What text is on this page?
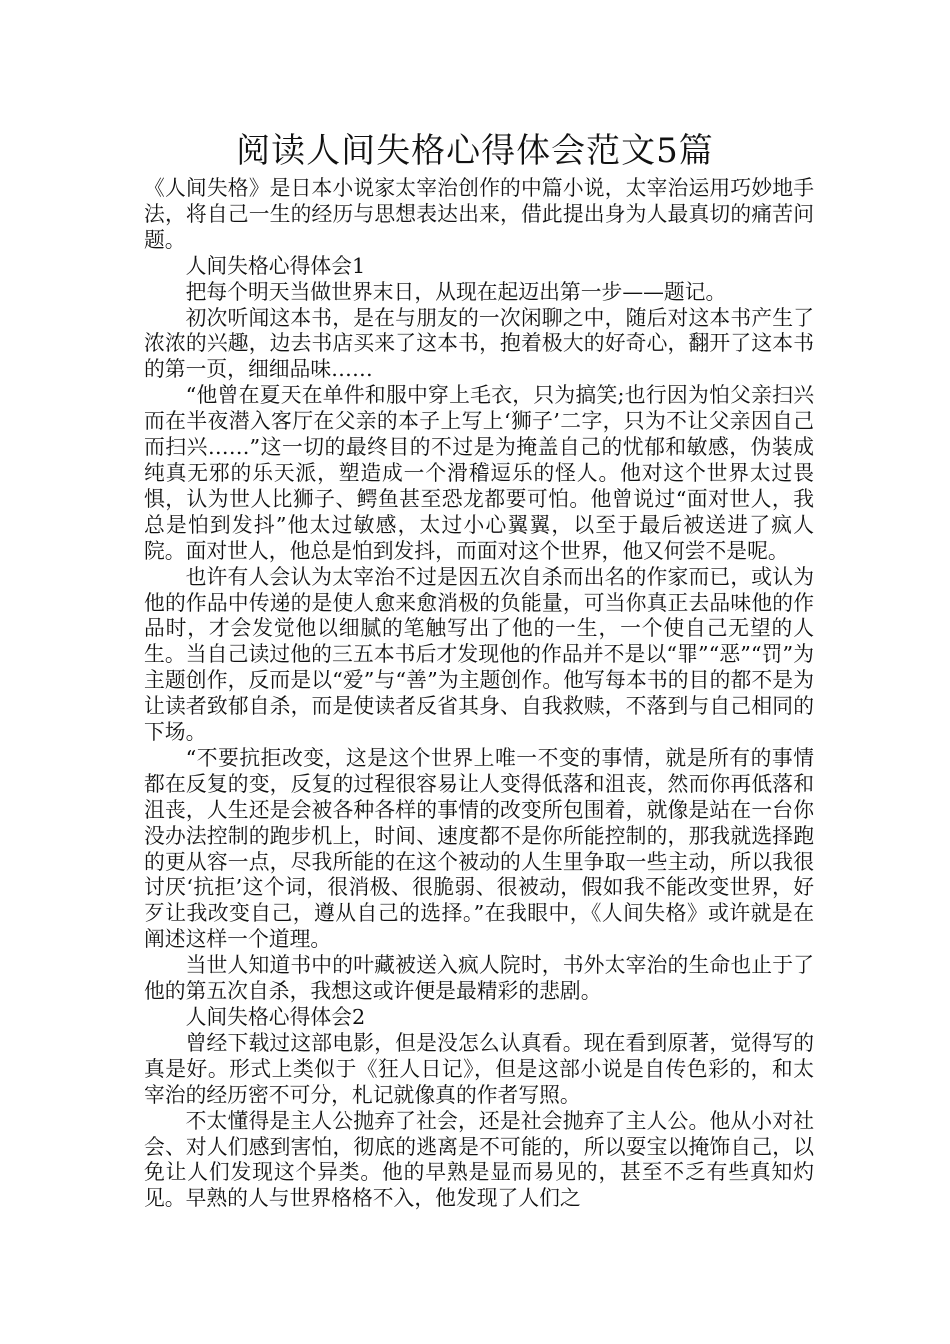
阅读人间失格心得体会范文5篇

《人间失格》是日本小说家太宰治创作的中篇小说，太宰治运用巧妙地手法，将自己一生的经历与思想表达出来，借此提出身为人最真切的痛苦问题。

人间失格心得体会1

把每个明天当做世界末日，从现在起迈出第一步——题记。

初次听闻这本书，是在与朋友的一次闲聊之中，随后对这本书产生了浓浓的兴趣，边去书店买来了这本书，抱着极大的好奇心，翻开了这本书的第一页，细细品味……

“他曾在夏天在单件和服中穿上毛衣，只为搞笑;也行因为怕父亲扫兴而在半夜潜入客厅在父亲的本子上写上‘狮子’二字，只为不让父亲因自己而扫兴……”这一切的最终目的不过是为掩盖自己的忧郁和敏感，伪装成纯真无邪的乐天派，塑造成一个滑稽逗乐的怪人。他对这个世界太过畏惧，认为世人比狮子、鳄鱼甚至恐龙都要可怕。他曾说过“面对世人，我总是怕到发抖”他太过敏感，太过小心翼翼，以至于最后被送进了疯人院。面对世人，他总是怕到发抖，而面对这个世界，他又何尝不是呢。

也许有人会认为太宰治不过是因五次自杀而出名的作家而已，或认为他的作品中传递的是使人愈来愈消极的负能量，可当你真正去品味他的作品时，才会发觉他以细腻的笔触写出了他的一生，一个使自己无望的人生。当自己读过他的三五本书后才发现他的作品并不是以“罪”“恶”“罚”为主题创作，反而是以“爱”与“善”为主题创作。他写每本书的目的都不是为让读者致郁自杀，而是使读者反省其身、自我救赎，不落到与自己相同的下场。

“不要抗拒改变，这是这个世界上唯一不变的事情，就是所有的事情都在反复的变，反复的过程很容易让人变得低落和沮丧，然而你再低落和沮丧，人生还是会被各种各样的事情的改变所包围着，就像是站在一台你没办法控制的跑步机上，时间、速度都不是你所能控制的，那我就选择跑的更从容一点，尽我所能的在这个被动的人生里争取一些主动，所以我很讨厌‘抗拒’这个词，很消极、很脆弱、很被动，假如我不能改变世界，好歹让我改变自己，遵从自己的选择。”在我眼中，《人间失格》或许就是在阐述这样一个道理。

当世人知道书中的叶藏被送入疯人院时，书外太宰治的生命也止于了他的第五次自杀，我想这或许便是最精彩的悲剧。

人间失格心得体会2

曾经下载过这部电影，但是没怎么认真看。现在看到原著，觉得写的真是好。形式上类似于《狂人日记》，但是这部小说是自传色彩的，和太宰治的经历密不可分，札记就像真的作者写照。

不太懂得是主人公抛弃了社会，还是社会抛弃了主人公。他从小对社会、对人们感到害怕，彻底的逃离是不可能的，所以耍宝以掩饰自己，以免让人们发现这个异类。他的早熟是显而易见的，甚至不乏有些真知灼见。早熟的人与世界格格不入，他发现了人们之
